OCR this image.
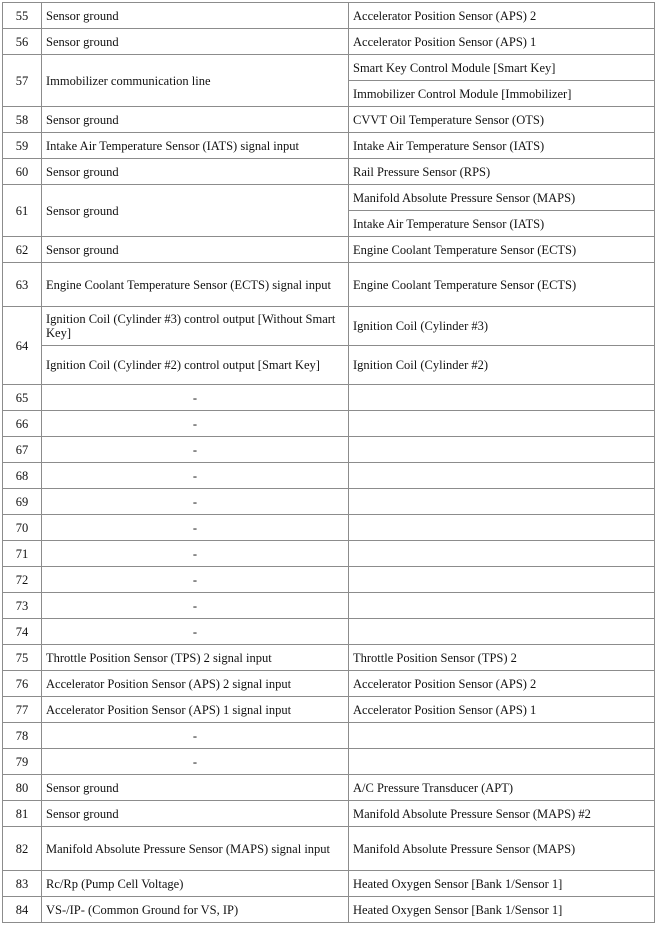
55	Sensor ground	Accelerator Position Sensor (APS) 2
56	Sensor ground	Accelerator Position Sensor (APS) 1
57	Immobilizer communication line	Smart Key Control Module [Smart Key]
		Immobilizer Control Module [Immobilizer]
58	Sensor ground	CVVT Oil Temperature Sensor (OTS)
59	Intake Air Temperature Sensor (IATS) signal input	Intake Air Temperature Sensor (IATS)
60	Sensor ground	Rail Pressure Sensor (RPS)
61	Sensor ground	Manifold Absolute Pressure Sensor (MAPS)
		Intake Air Temperature Sensor (IATS)
62	Sensor ground	Engine Coolant Temperature Sensor (ECTS)
63	Engine Coolant Temperature Sensor (ECTS) signal input	Engine Coolant Temperature Sensor (ECTS)
64	Ignition Coil (Cylinder #3) control output [Without Smart Key]	Ignition Coil (Cylinder #3)
	Ignition Coil (Cylinder #2) control output [Smart Key]	Ignition Coil (Cylinder #2)
65	-	
66	-	
67	-	
68	-	
69	-	
70	-	
71	-	
72	-	
73	-	
74	-	
75	Throttle Position Sensor (TPS) 2 signal input	Throttle Position Sensor (TPS) 2
76	Accelerator Position Sensor (APS) 2 signal input	Accelerator Position Sensor (APS) 2
77	Accelerator Position Sensor (APS) 1 signal input	Accelerator Position Sensor (APS) 1
78	-	
79	-	
80	Sensor ground	A/C Pressure Transducer (APT)
81	Sensor ground	Manifold Absolute Pressure Sensor (MAPS) #2
82	Manifold Absolute Pressure Sensor (MAPS) signal input	Manifold Absolute Pressure Sensor (MAPS)
83	Rc/Rp (Pump Cell Voltage)	Heated Oxygen Sensor [Bank 1/Sensor 1]
84	VS-/IP- (Common Ground for VS, IP)	Heated Oxygen Sensor [Bank 1/Sensor 1]
